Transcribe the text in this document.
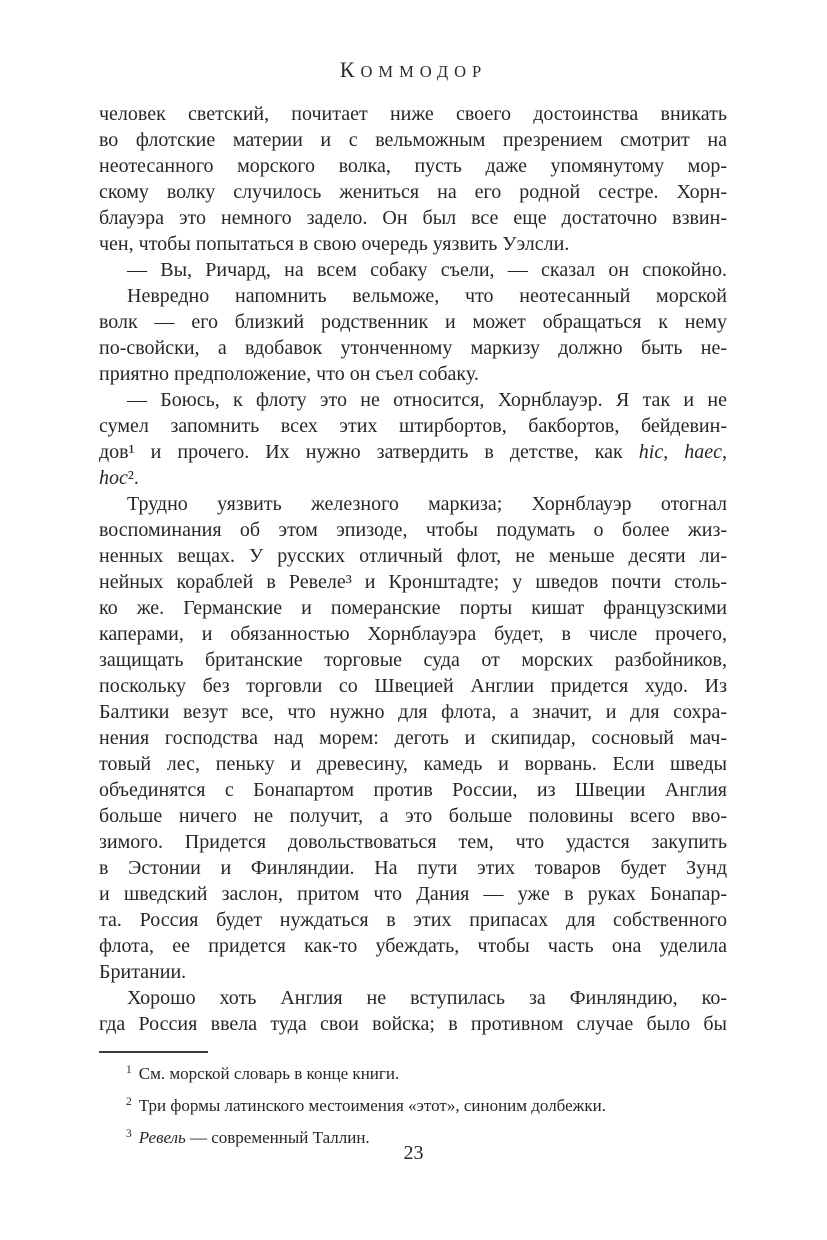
КОММОДОР
человек светский, почитает ниже своего достоинства вникать
во флотские материи и с вельможным презрением смотрит на
неотесанного морского волка, пусть даже упомянутому мор-
скому волку случилось жениться на его родной сестре. Хорн-
блауэра это немного задело. Он был все еще достаточно взвин-
чен, чтобы попытаться в свою очередь уязвить Уэлсли.
— Вы, Ричард, на всем собаку съели, — сказал он спокойно.
Невредно напомнить вельможе, что неотесанный морской
волк — его близкий родственник и может обращаться к нему
по-свойски, а вдобавок утонченному маркизу должно быть не-
приятно предположение, что он съел собаку.
— Боюсь, к флоту это не относится, Хорнблауэр. Я так и не
сумел запомнить всех этих штирбортов, бакбортов, бейдевин-
дов¹ и прочего. Их нужно затвердить в детстве, как hic, haec,
hoc².
Трудно уязвить железного маркиза; Хорнблауэр отогнал
воспоминания об этом эпизоде, чтобы подумать о более жиз-
ненных вещах. У русских отличный флот, не меньше десяти ли-
нейных кораблей в Ревеле³ и Кронштадте; у шведов почти столь-
ко же. Германские и померанские порты кишат французскими
каперами, и обязанностью Хорнблауэра будет, в числе прочего,
защищать британские торговые суда от морских разбойников,
поскольку без торговли со Швецией Англии придется худо. Из
Балтики везут все, что нужно для флота, а значит, и для сохра-
нения господства над морем: деготь и скипидар, сосновый мач-
товый лес, пеньку и древесину, камедь и ворвань. Если шведы
объединятся с Бонапартом против России, из Швеции Англия
больше ничего не получит, а это больше половины всего вво-
зимого. Придется довольствоваться тем, что удастся закупить
в Эстонии и Финляндии. На пути этих товаров будет Зунд
и шведский заслон, притом что Дания — уже в руках Бонапар-
та. Россия будет нуждаться в этих припасах для собственного
флота, ее придется как-то убеждать, чтобы часть она уделила
Британии.
Хорошо хоть Англия не вступилась за Финляндию, ко-
гда Россия ввела туда свои войска; в противном случае было бы
1 См. морской словарь в конце книги.
2 Три формы латинского местоимения «этот», синоним долбежки.
3 Ревель — современный Таллин.
23
